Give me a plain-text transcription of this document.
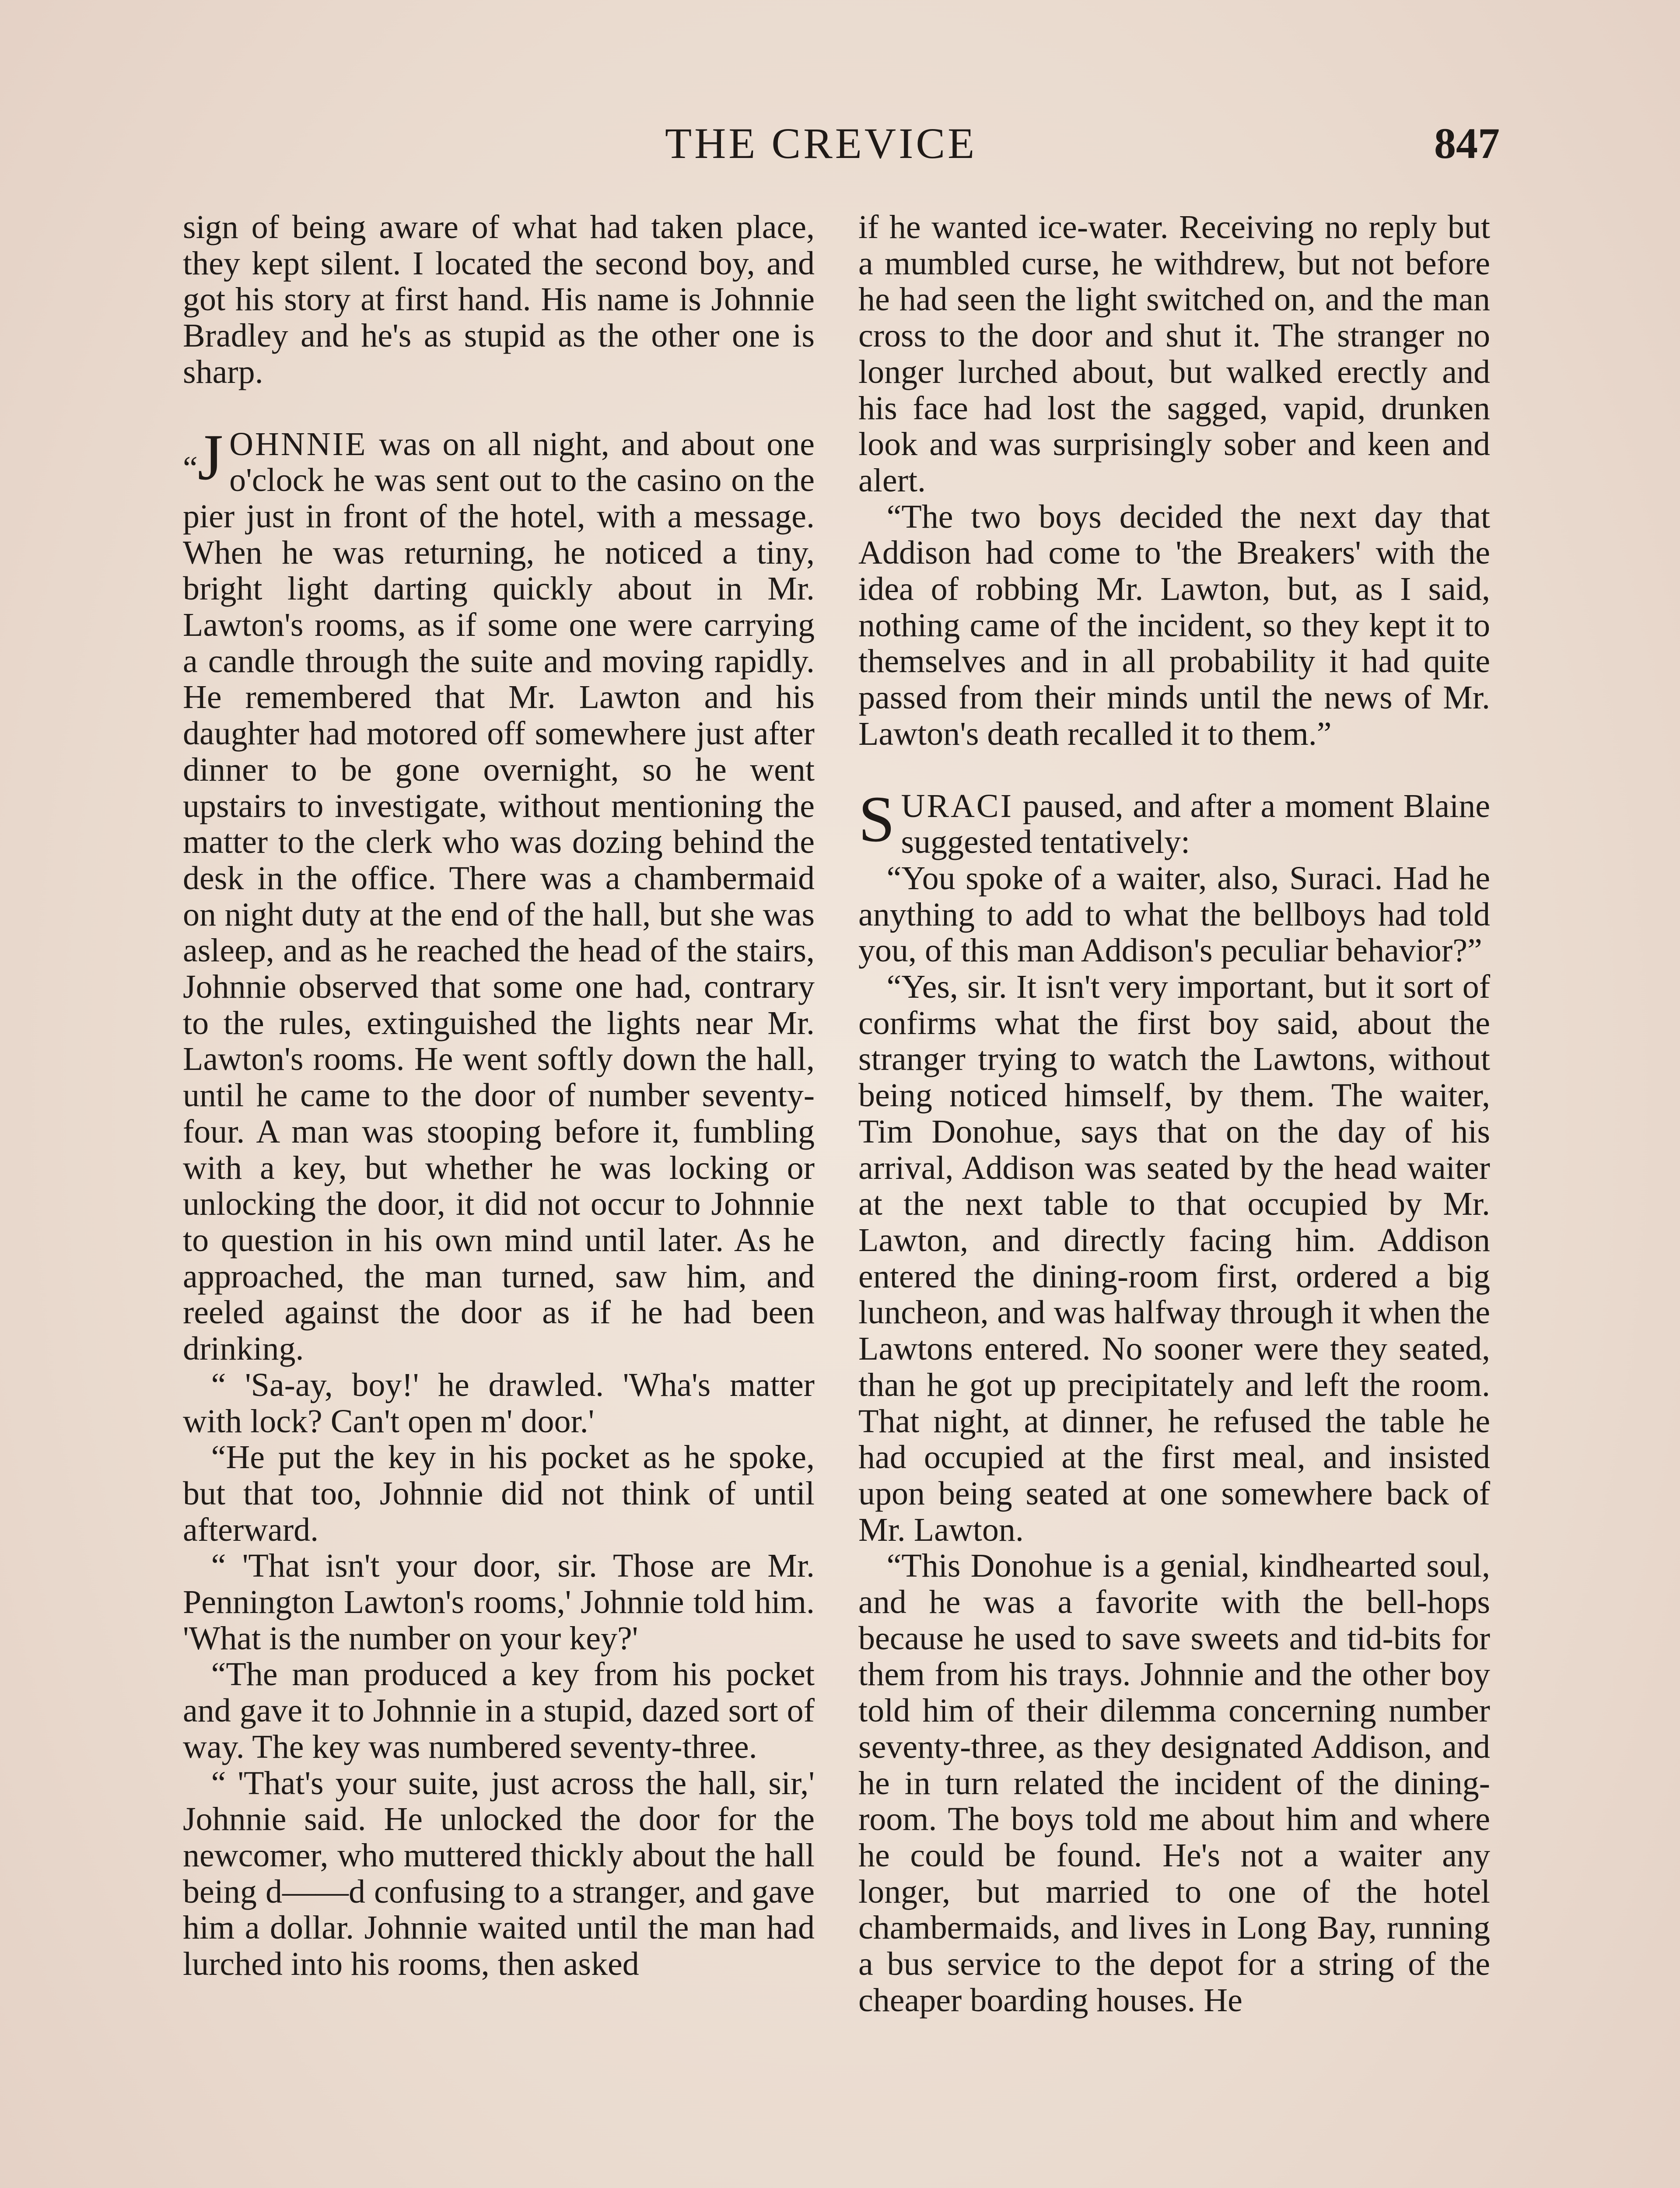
THE CREVICE	847

sign of being aware of what had taken place, they kept silent. I located the second boy, and got his story at first hand. His name is Johnnie Bradley and he's as stupid as the other one is sharp.

“J OHNNIE was on all night, and about one o'clock he was sent out to the casino on the pier just in front of the hotel, with a message. When he was returning, he noticed a tiny, bright light darting quickly about in Mr. Lawton's rooms, as if some one were carrying a candle through the suite and moving rapidly. He remembered that Mr. Lawton and his daughter had motored off somewhere just after dinner to be gone overnight, so he went upstairs to investigate, without mentioning the matter to the clerk who was dozing behind the desk in the office. There was a chambermaid on night duty at the end of the hall, but she was asleep, and as he reached the head of the stairs, Johnnie observed that some one had, contrary to the rules, extinguished the lights near Mr. Lawton's rooms. He went softly down the hall, until he came to the door of number seventy-four. A man was stooping before it, fumbling with a key, but whether he was locking or unlocking the door, it did not occur to Johnnie to question in his own mind until later. As he approached, the man turned, saw him, and reeled against the door as if he had been drinking.

“ 'Sa-ay, boy!' he drawled. 'Wha's matter with lock? Can't open m' door.'

“He put the key in his pocket as he spoke, but that too, Johnnie did not think of until afterward.

“ 'That isn't your door, sir. Those are Mr. Pennington Lawton's rooms,' Johnnie told him. 'What is the number on your key?'

“The man produced a key from his pocket and gave it to Johnnie in a stupid, dazed sort of way. The key was numbered seventy-three.

“ 'That's your suite, just across the hall, sir,' Johnnie said. He unlocked the door for the newcomer, who muttered thickly about the hall being d——d confusing to a stranger, and gave him a dollar. Johnnie waited until the man had lurched into his rooms, then asked

if he wanted ice-water. Receiving no reply but a mumbled curse, he withdrew, but not before he had seen the light switched on, and the man cross to the door and shut it. The stranger no longer lurched about, but walked erectly and his face had lost the sagged, vapid, drunken look and was surprisingly sober and keen and alert.

“The two boys decided the next day that Addison had come to 'the Breakers' with the idea of robbing Mr. Lawton, but, as I said, nothing came of the incident, so they kept it to themselves and in all probability it had quite passed from their minds until the news of Mr. Lawton's death recalled it to them.”

SURACI paused, and after a moment Blaine suggested tentatively:

“You spoke of a waiter, also, Suraci. Had he anything to add to what the bellboys had told you, of this man Addison's peculiar behavior?”

“Yes, sir. It isn't very important, but it sort of confirms what the first boy said, about the stranger trying to watch the Lawtons, without being noticed himself, by them. The waiter, Tim Donohue, says that on the day of his arrival, Addison was seated by the head waiter at the next table to that occupied by Mr. Lawton, and directly facing him. Addison entered the dining-room first, ordered a big luncheon, and was halfway through it when the Lawtons entered. No sooner were they seated, than he got up precipitately and left the room. That night, at dinner, he refused the table he had occupied at the first meal, and insisted upon being seated at one somewhere back of Mr. Lawton.

“This Donohue is a genial, kindhearted soul, and he was a favorite with the bell-hops because he used to save sweets and tid-bits for them from his trays. Johnnie and the other boy told him of their dilemma concerning number seventy-three, as they designated Addison, and he in turn related the incident of the dining-room. The boys told me about him and where he could be found. He's not a waiter any longer, but married to one of the hotel chambermaids, and lives in Long Bay, running a bus service to the depot for a string of the cheaper boarding houses. He
